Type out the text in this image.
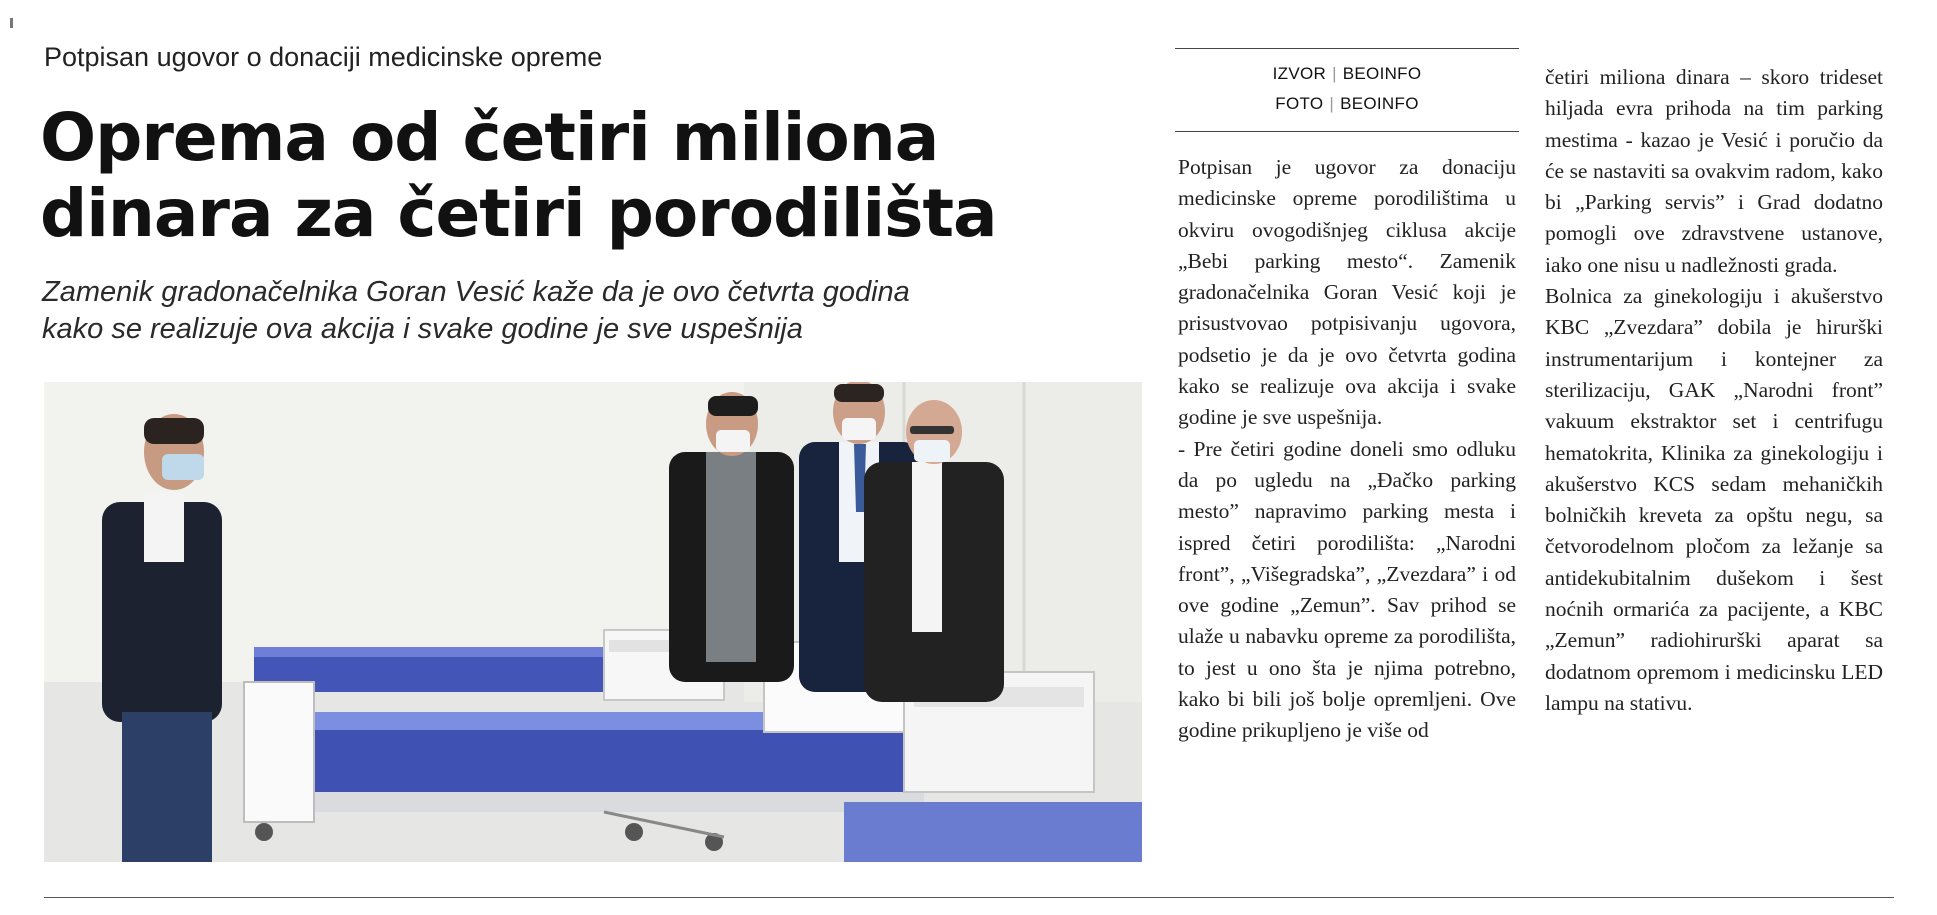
Potpisan ugovor o donaciji medicinske opreme
Oprema od četiri miliona
dinara za četiri porodilišta
Zamenik gradonačelnika Goran Vesić kaže da je ovo četvrta godina
kako se realizuje ova akcija i svake godine je sve uspešnija
IZVOR | BEOINFO
FOTO | BEOINFO

Potpisan je ugovor za donaciju medicinske opreme porodilištima u okviru ovogodišnjeg ciklusa akcije „Bebi parking mesto“. Zamenik gradonačelnika Goran Vesić koji je prisustvovao potpisivanju ugovora, podsetio je da je ovo četvrta godina kako se realizuje ova akcija i svake godine je sve uspešnija.

- Pre četiri godine doneli smo odluku da po ugledu na „Đačko parking mesto” napravimo parking mesta i ispred četiri porodilišta: „Narodni front”, „Višegradska”, „Zvezdara” i od ove godine „Zemun”. Sav prihod se ulaže u nabavku opreme za porodilišta, to jest u ono šta je njima potrebno, kako bi bili još bolje opremljeni. Ove godine prikupljeno je više od

četiri miliona dinara – skoro trideset hiljada evra prihoda na tim parking mestima - kazao je Vesić i poručio da će se nastaviti sa ovakvim radom, kako bi „Parking servis” i Grad dodatno pomogli ove zdravstvene ustanove, iako one nisu u nadležnosti grada.

Bolnica za ginekologiju i akušerstvo KBC „Zvezdara” dobila je hirurški instrumentarijum i kontejner za sterilizaciju, GAK „Narodni front” vakuum ekstraktor set i centrifugu hematokrita, Klinika za ginekologiju i akušerstvo KCS sedam mehaničkih bolničkih kreveta za opštu negu, sa četvorodelnom pločom za ležanje sa antidekubitalnim dušekom i šest noćnih ormarića za pacijente, a KBC „Zemun” radiohirurški aparat sa dodatnom opremom i medicinsku LED lampu na stativu.
